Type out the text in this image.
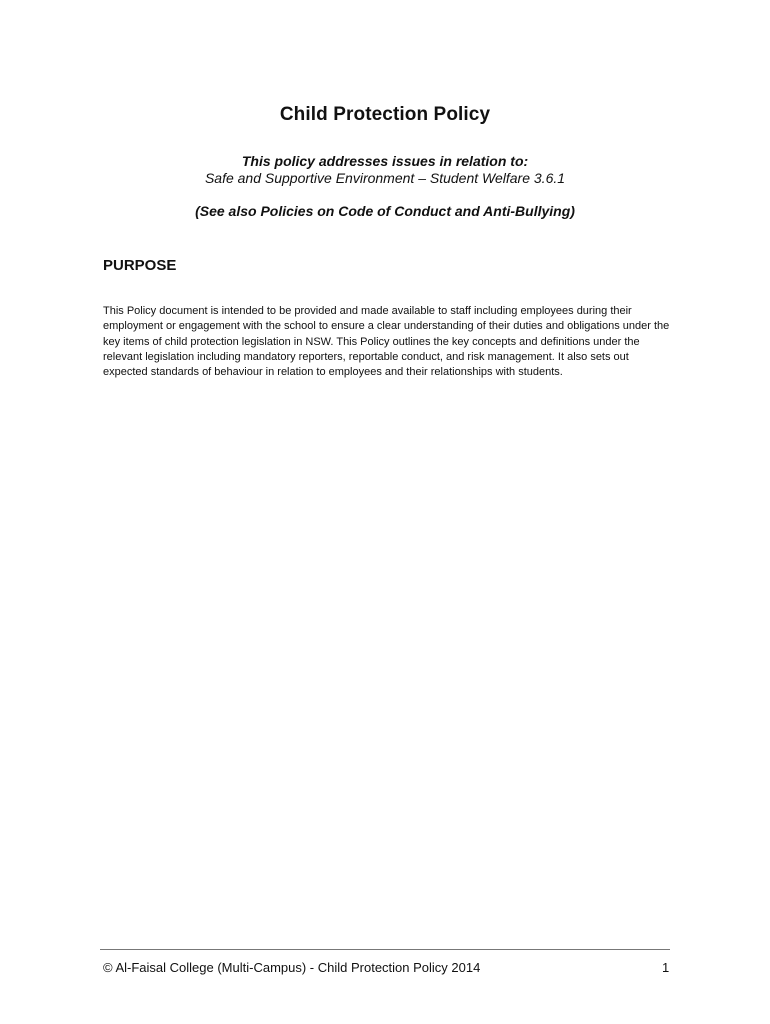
Child Protection Policy
This policy addresses issues in relation to:
Safe and Supportive Environment – Student Welfare 3.6.1
(See also Policies on Code of Conduct and Anti-Bullying)
PURPOSE
This Policy document is intended to be provided and made available to staff including employees during their employment or engagement with the school to ensure a clear understanding of their duties and obligations under the key items of child protection legislation in NSW. This Policy outlines the key concepts and definitions under the relevant legislation including mandatory reporters, reportable conduct, and risk management. It also sets out expected standards of behaviour in relation to employees and their relationships with students.
© Al-Faisal College (Multi-Campus) - Child Protection Policy 2014	1
